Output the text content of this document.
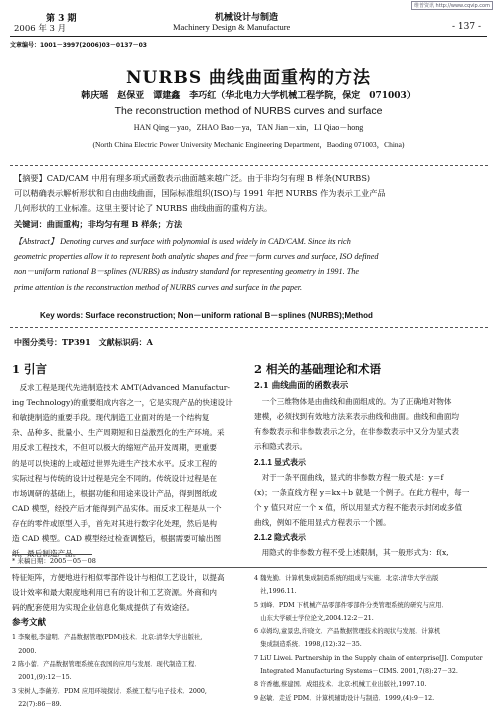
维普资讯 http://www.cqvip.com
第 3 期
2006 年 3 月
机械设计与制造
Machinery Design & Manufacture	- 137 -
文章编号：1001－3997(2006)03－0137－03
NURBS 曲线曲面重构的方法
韩庆瑶　赵保亚　谭建鑫　李巧红（华北电力大学机械工程学院，保定　071003）
The reconstruction method of NURBS curves and surface
HAN Qing－yao，ZHAO Bao－ya，TAN Jian－xin，LI Qiao－hong
(North China Electric Power University Mechanic Engineering Department，Baoding 071003，China)
【摘要】CAD/CAM 中用有理多项式函数表示曲面越来越广泛。由于非均匀有理 B 样条(NURBS)
可以精确表示解析形状和自由曲线曲面，国际标准组织(ISO)与 1991 年把 NURBS 作为表示工业产品
几何形状的工业标准。这里主要讨论了 NURBS 曲线曲面的重构方法。
关键词：曲面重构；非均匀有理 B 样条；方法
【Abstract】 Denoting curves and surface with polynomial is used widely in CAD/CAM. Since its rich
geometric properties allow it to represent both analytic shapes and free－form curves and surface, ISO defined
non－uniform rational B－splines (NURBS) as industry standard for representing geometry in 1991. The
prime attention is the reconstruction method of NURBS curves and surface in the paper.
Key words: Surface reconstruction; Non－uniform rational B－splines (NURBS);Method
中图分类号：TP391　文献标识码：A
1 引言
　反求工程是现代先进制造技术 AMT(Advanced Manufactur-
ing Technology)的重要组成内容之一，它是实现产品的快速设计
和敏捷制造的重要手段。现代制造工业面对的是一个结构复
杂、品种多、批量小、生产周期短和日益激烈化的生产环境。采
用反求工程技术，不但可以极大的缩短产品开发周期，更重要
的是可以快速的上或超过世界先进生产技术水平。反求工程的
实际过程与传统的设计过程是完全不同的。传统设计过程是在
市场调研的基础上，根据功能和用途来设计产品，得到图纸或
CAD 模型，经投产后才能得到产品实体。而反求工程是从一个
存在的零件或原型入手，首先对其进行数字化处理，然后是构
造 CAD 模型。CAD 模型经过检查调整后，根据需要可输出图
纸，最后制造产品。
2 相关的基础理论和术语
2.1 曲线曲面的函数表示
　一个三维物体是由曲线和曲面组成的。为了正确地对物体
建模，必须找到有效地方法来表示曲线和曲面。曲线和曲面均
有参数表示和非参数表示之分，在非参数表示中又分为显式表
示和隐式表示。
2.1.1 显式表示
　对于一条平面曲线，显式的非参数方程一般式是：y＝f
(x)；一条直线方程 y＝kx＋b 就是一个例子。在此方程中，每一
个 y 值只对应一个 x 值，所以用显式方程不能表示封闭或多值
曲线，例如不能用显式方程表示一个圆。
2.1.2 隐式表示
　用隐式的非参数方程不受上述限制，其一般形式为：f(x,
* 来稿日期：2005－05－08
特征矩阵，方便地进行相似零部件设计与相似工艺设计，以提高
设计效率和最大限度地利用已有的设计和工艺资源。外商和内
码的配套使用为实现企业信息化集成提供了有效途径。
参考文献
1 李聚根,李建明．产品数据管理(PDM)技术．北京:清华大学出版社,
　2000.
2 陈小蕾．产品数据管理系统在我国的应用与发展．现代制造工程．
　2001,(9):12－15.
3 宋树人,李薇芳．PDM 应用环境探讨．系统工程与电子技术．2000,
　22(7):86－89.
4 魏先勤．计算机集成制造系统的组成与实施．北京:清华大学出版
　社,1996.11.
5 刘峰．PDM 下机械产品零部件零部件分类管理系统的研究与应用．
　山东大学硕士学位论文,2004.12:2－21.
6 卓姆均,童景忠,许晓文．产品数据管理技术的现状与发展．计算机
　集成制造系统．1998,(12):32－35.
7 LiU Liwei. Partnership in the Supply chain of enterprise[J]. Computer
　Integrated Manufacturing Systems－CIMS. 2001,7(8):27－32.
8 许香穗,蔡建国．成组技术．北京:机械工业出版社,1997.10.
9 赵敏．走近 PDM．计算机辅助设计与制造．1999,(4):9－12.
